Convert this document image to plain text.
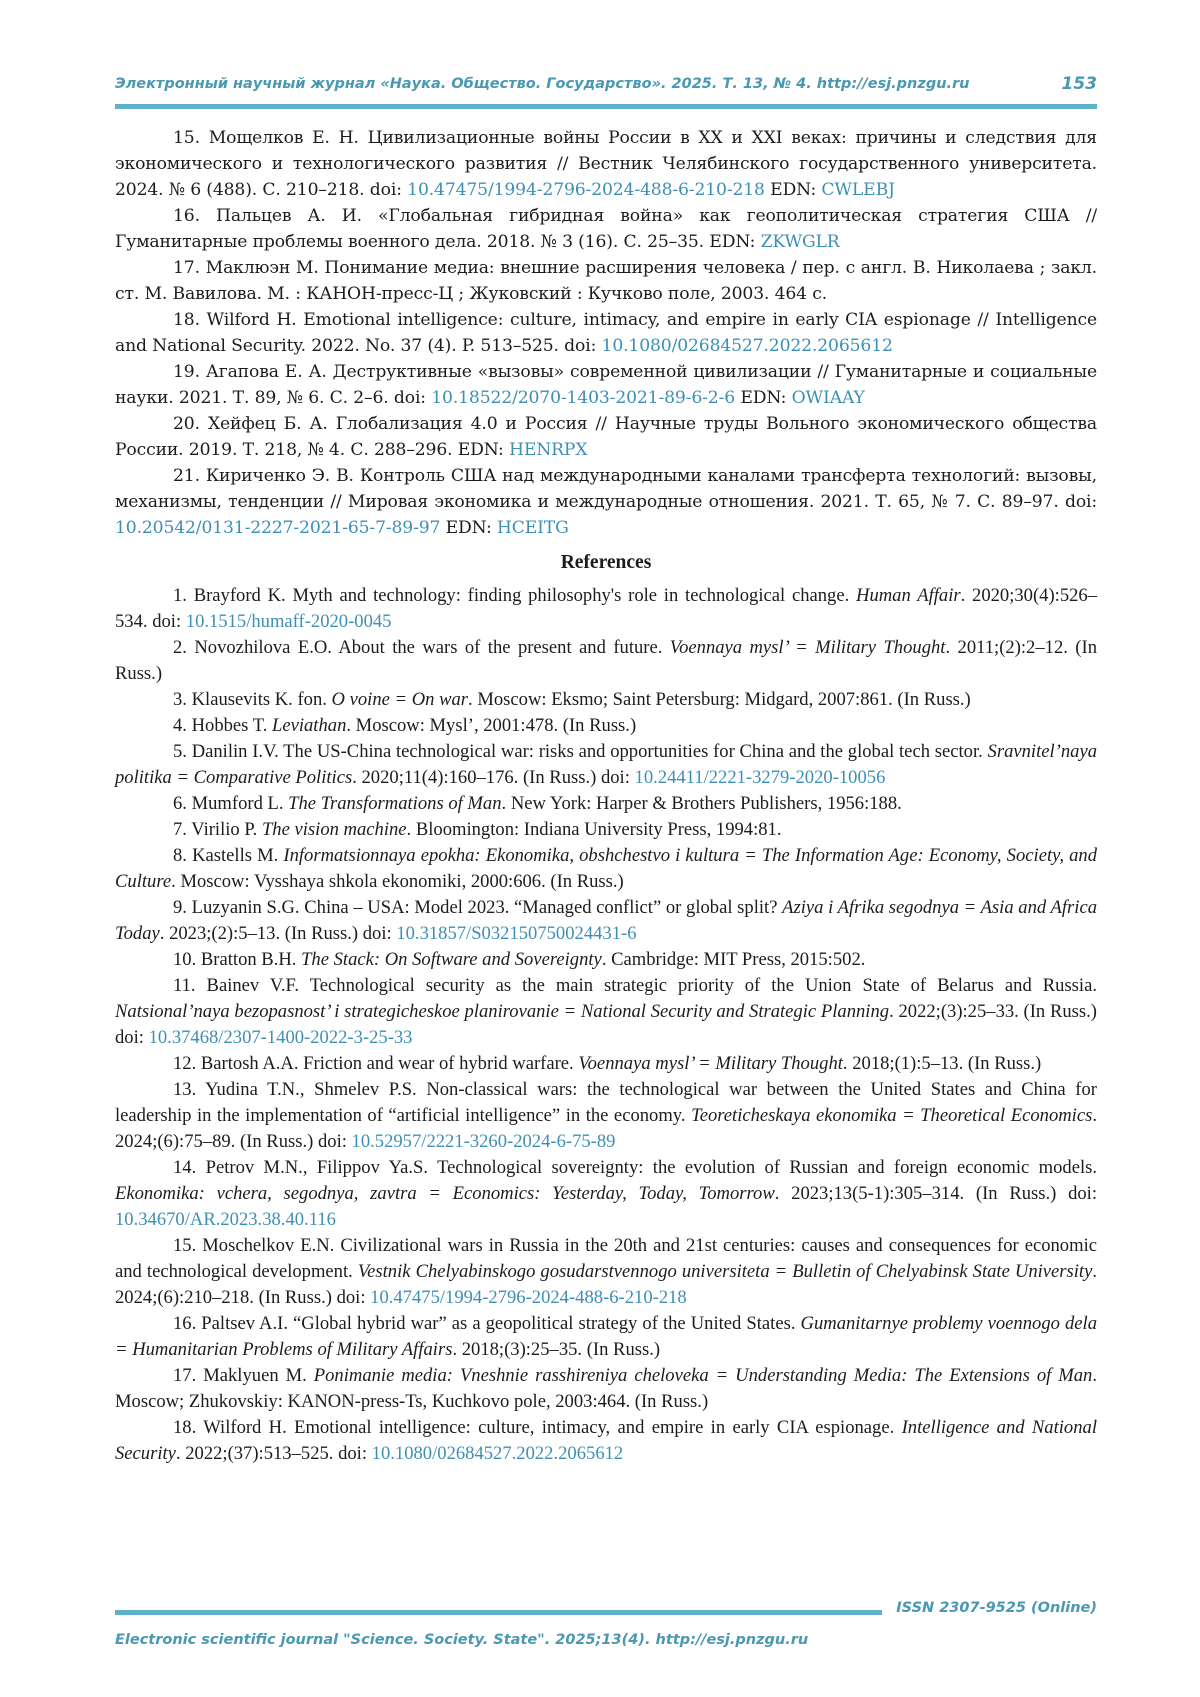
Электронный научный журнал «Наука. Общество. Государство». 2025. Т. 13, № 4. http://esj.pnzgu.ru	153

15. Мощелков Е. Н. Цивилизационные войны России в XX и XXI веках: причины и следствия для экономического и технологического развития // Вестник Челябинского государственного университета. 2024. № 6 (488). С. 210–218. doi: 10.47475/1994-2796-2024-488-6-210-218 EDN: CWLEBJ

16. Пальцев А. И. «Глобальная гибридная война» как геополитическая стратегия США // Гуманитарные проблемы военного дела. 2018. № 3 (16). С. 25–35. EDN: ZKWGLR

17. Маклюэн М. Понимание медиа: внешние расширения человека / пер. с англ. В. Николаева ; закл. ст. М. Вавилова. М. : КАНОН-пресс-Ц ; Жуковский : Кучково поле, 2003. 464 с.

18. Wilford H. Emotional intelligence: culture, intimacy, and empire in early CIA espionage // Intelligence and National Security. 2022. No. 37 (4). P. 513–525. doi: 10.1080/02684527.2022.2065612

19. Агапова Е. А. Деструктивные «вызовы» современной цивилизации // Гуманитарные и социальные науки. 2021. Т. 89, № 6. С. 2–6. doi: 10.18522/2070-1403-2021-89-6-2-6 EDN: OWIAAY

20. Хейфец Б. А. Глобализация 4.0 и Россия // Научные труды Вольного экономического общества России. 2019. Т. 218, № 4. С. 288–296. EDN: HENRPX

21. Кириченко Э. В. Контроль США над международными каналами трансферта технологий: вызовы, механизмы, тенденции // Мировая экономика и международные отношения. 2021. Т. 65, № 7. С. 89–97. doi: 10.20542/0131-2227-2021-65-7-89-97 EDN: HCEITG

References

1. Brayford K. Myth and technology: finding philosophy's role in technological change. Human Affair. 2020;30(4):526–534. doi: 10.1515/humaff-2020-0045

2. Novozhilova E.O. About the wars of the present and future. Voennaya mysl’ = Military Thought. 2011;(2):2–12. (In Russ.)

3. Klausevits K. fon. O voine = On war. Moscow: Eksmo; Saint Petersburg: Midgard, 2007:861. (In Russ.)

4. Hobbes T. Leviathan. Moscow: Mysl’, 2001:478. (In Russ.)

5. Danilin I.V. The US-China technological war: risks and opportunities for China and the global tech sector. Sravnitel’naya politika = Comparative Politics. 2020;11(4):160–176. (In Russ.) doi: 10.24411/2221-3279-2020-10056

6. Mumford L. The Transformations of Man. New York: Harper & Brothers Publishers, 1956:188.

7. Virilio P. The vision machine. Bloomington: Indiana University Press, 1994:81.

8. Kastells M. Informatsionnaya epokha: Ekonomika, obshchestvo i kultura = The Information Age: Economy, Society, and Culture. Moscow: Vysshaya shkola ekonomiki, 2000:606. (In Russ.)

9. Luzyanin S.G. China – USA: Model 2023. “Managed conflict” or global split? Aziya i Afrika segodnya = Asia and Africa Today. 2023;(2):5–13. (In Russ.) doi: 10.31857/S032150750024431-6

10. Bratton B.H. The Stack: On Software and Sovereignty. Cambridge: MIT Press, 2015:502.

11. Bainev V.F. Technological security as the main strategic priority of the Union State of Belarus and Russia. Natsional’naya bezopasnost’ i strategicheskoe planirovanie = National Security and Strategic Planning. 2022;(3):25–33. (In Russ.) doi: 10.37468/2307-1400-2022-3-25-33

12. Bartosh A.A. Friction and wear of hybrid warfare. Voennaya mysl’ = Military Thought. 2018;(1):5–13. (In Russ.)

13. Yudina T.N., Shmelev P.S. Non-classical wars: the technological war between the United States and China for leadership in the implementation of “artificial intelligence” in the economy. Teoreticheskaya ekonomika = Theoretical Economics. 2024;(6):75–89. (In Russ.) doi: 10.52957/2221-3260-2024-6-75-89

14. Petrov M.N., Filippov Ya.S. Technological sovereignty: the evolution of Russian and foreign economic models. Ekonomika: vchera, segodnya, zavtra = Economics: Yesterday, Today, Tomorrow. 2023;13(5-1):305–314. (In Russ.) doi: 10.34670/AR.2023.38.40.116

15. Moschelkov E.N. Civilizational wars in Russia in the 20th and 21st centuries: causes and consequences for economic and technological development. Vestnik Chelyabinskogo gosudarstvennogo universiteta = Bulletin of Chelyabinsk State University. 2024;(6):210–218. (In Russ.) doi: 10.47475/1994-2796-2024-488-6-210-218

16. Paltsev A.I. “Global hybrid war” as a geopolitical strategy of the United States. Gumanitarnye problemy voennogo dela = Humanitarian Problems of Military Affairs. 2018;(3):25–35. (In Russ.)

17. Maklyuen M. Ponimanie media: Vneshnie rasshireniya cheloveka = Understanding Media: The Extensions of Man. Moscow; Zhukovskiy: KANON-press-Ts, Kuchkovo pole, 2003:464. (In Russ.)

18. Wilford H. Emotional intelligence: culture, intimacy, and empire in early CIA espionage. Intelligence and National Security. 2022;(37):513–525. doi: 10.1080/02684527.2022.2065612

ISSN 2307-9525 (Online)
Electronic scientific journal "Science. Society. State". 2025;13(4). http://esj.pnzgu.ru
